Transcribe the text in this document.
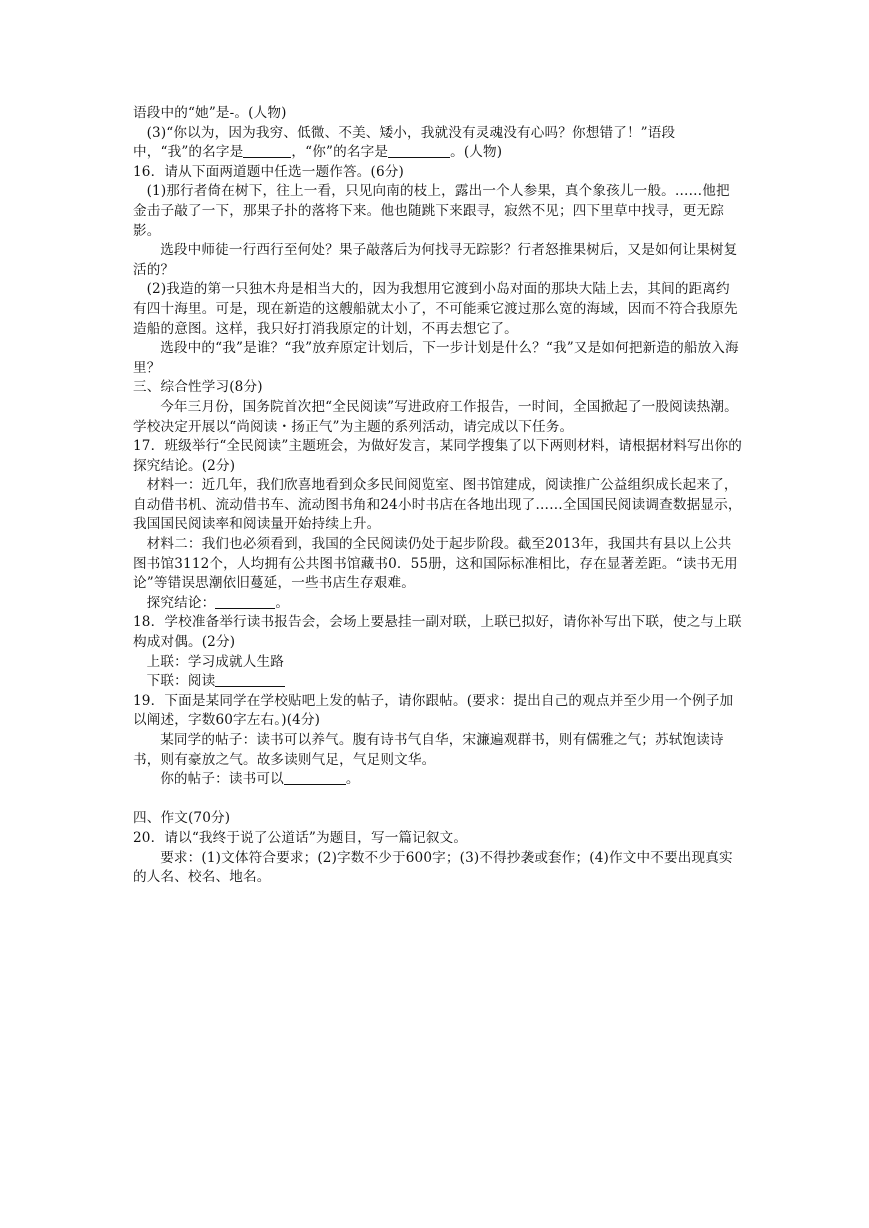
语段中的“她”是-。(人物)

(3)“你以为，因为我穷、低微、不美、矮小，我就没有灵魂没有心吗？你想错了！”语段中，“我”的名字是	，“你”的名字是	。(人物)

16．请从下面两道题中任选一题作答。(6分)

(1)那行者倚在树下，往上一看，只见向南的枝上，露出一个人参果，真个象孩儿一般。……他把金击子敲了一下，那果子扑的落将下来。他也随跳下来跟寻，寂然不见；四下里草中找寻，更无踪影。

选段中师徒一行西行至何处？果子敲落后为何找寻无踪影？行者怒推果树后，又是如何让果树复活的？

(2)我造的第一只独木舟是相当大的，因为我想用它渡到小岛对面的那块大陆上去，其间的距离约有四十海里。可是，现在新造的这艘船就太小了，不可能乘它渡过那么宽的海域，因而不符合我原先造船的意图。这样，我只好打消我原定的计划，不再去想它了。

选段中的“我”是谁？“我”放弃原定计划后，下一步计划是什么？“我”又是如何把新造的船放入海里？

三、综合性学习(8分)

今年三月份，国务院首次把“全民阅读”写进政府工作报告，一时间，全国掀起了一股阅读热潮。学校决定开展以“尚阅读・扬正气”为主题的系列活动，请完成以下任务。

17．班级举行“全民阅读”主题班会，为做好发言，某同学搜集了以下两则材料，请根据材料写出你的探究结论。(2分)

材料一：近几年，我们欣喜地看到众多民间阅览室、图书馆建成，阅读推广公益组织成长起来了，自动借书机、流动借书车、流动图书角和24小时书店在各地出现了……全国国民阅读调查数据显示，我国国民阅读率和阅读量开始持续上升。

材料二：我们也必须看到，我国的全民阅读仍处于起步阶段。截至2013年，我国共有县以上公共图书馆3112个，人均拥有公共图书馆藏书0．55册，这和国际标准相比，存在显著差距。“读书无用论”等错误思潮依旧蔓延，一些书店生存艰难。

探究结论：	。

18．学校准备举行读书报告会，会场上要悬挂一副对联，上联已拟好，请你补写出下联，使之与上联构成对偶。(2分)

上联：学习成就人生路

下联：阅读

19．下面是某同学在学校贴吧上发的帖子，请你跟帖。(要求：提出自己的观点并至少用一个例子加以阐述，字数60字左右。)(4分)

某同学的帖子：读书可以养气。腹有诗书气自华，宋濂遍观群书，则有儒雅之气；苏轼饱读诗书，则有豪放之气。故多读则气足，气足则文华。

你的帖子：读书可以	。

四、作文(70分)

20．请以“我终于说了公道话”为题目，写一篇记叙文。

要求：(1)文体符合要求；(2)字数不少于600字；(3)不得抄袭或套作；(4)作文中不要出现真实的人名、校名、地名。
